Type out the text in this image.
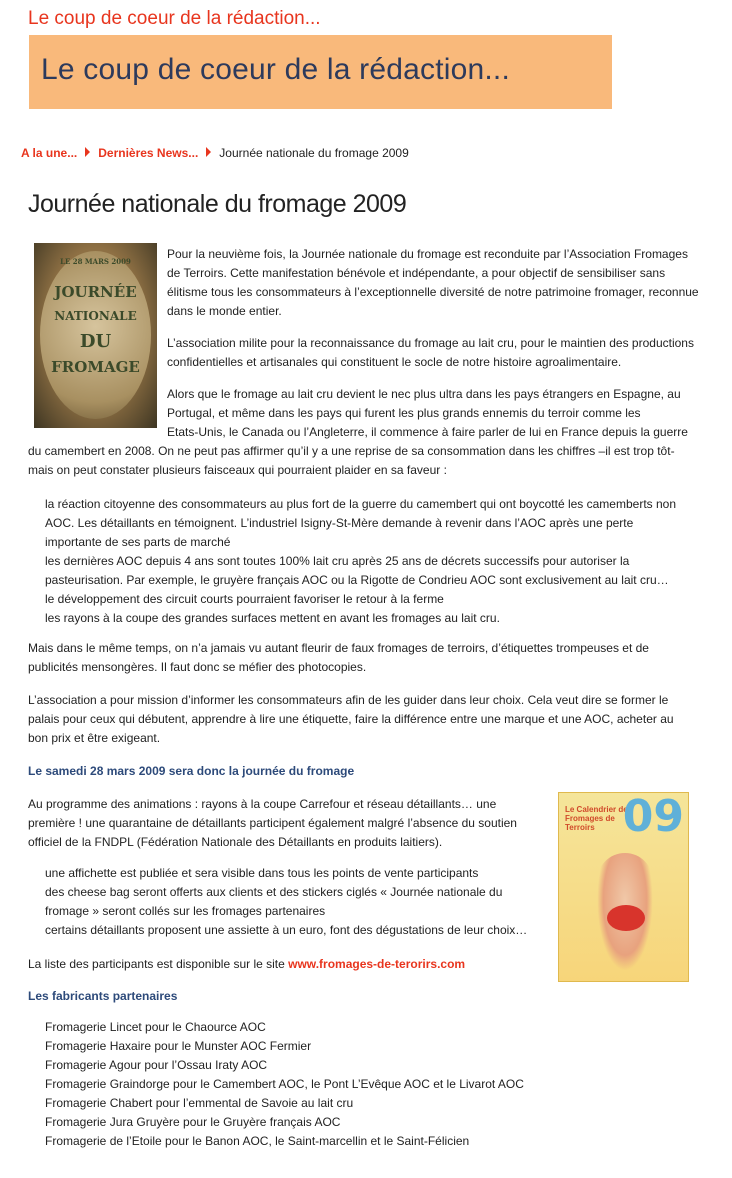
Le coup de coeur de la rédaction...
Le coup de coeur de la rédaction...
A la une... Dernières News... Journée nationale du fromage 2009
Journée nationale du fromage 2009
LE 28 MARS 2009
JOURNÉE
NATIONALE
DU
FROMAGE
Pour la neuvième fois, la Journée nationale du fromage est reconduite par l’Association Fromages
de Terroirs. Cette manifestation bénévole et indépendante, a pour objectif de sensibiliser sans
élitisme tous les consommateurs à l’exceptionnelle diversité de notre patrimoine fromager, reconnue
dans le monde entier.
L’association milite pour la reconnaissance du fromage au lait cru, pour le maintien des productions
confidentielles et artisanales qui constituent le socle de notre histoire agroalimentaire.
Alors que le fromage au lait cru devient le nec plus ultra dans les pays étrangers en Espagne, au
Portugal, et même dans les pays qui furent les plus grands ennemis du terroir comme les
Etats-Unis, le Canada ou l’Angleterre, il commence à faire parler de lui en France depuis la guerre
du camembert en 2008. On ne peut pas affirmer qu’il y a une reprise de sa consommation dans les chiffres –il est trop tôt-
mais on peut constater plusieurs faisceaux qui pourraient plaider en sa faveur :
la réaction citoyenne des consommateurs au plus fort de la guerre du camembert qui ont boycotté les camemberts non
AOC. Les détaillants en témoignent. L’industriel Isigny-St-Mère demande à revenir dans l’AOC après une perte
importante de ses parts de marché
les dernières AOC depuis 4 ans sont toutes 100% lait cru après 25 ans de décrets successifs pour autoriser la
pasteurisation. Par exemple, le gruyère français AOC ou la Rigotte de Condrieu AOC sont exclusivement au lait cru…
le développement des circuit courts pourraient favoriser le retour à la ferme
les rayons à la coupe des grandes surfaces mettent en avant les fromages au lait cru.
Mais dans le même temps, on n’a jamais vu autant fleurir de faux fromages de terroirs, d’étiquettes trompeuses et de
publicités mensongères. Il faut donc se méfier des photocopies.
L’association a pour mission d’informer les consommateurs afin de les guider dans leur choix. Cela veut dire se former le
palais pour ceux qui débutent, apprendre à lire une étiquette, faire la différence entre une marque et une AOC, acheter au
bon prix et être exigeant.
Le samedi 28 mars 2009 sera donc la journée du fromage
Au programme des animations : rayons à la coupe Carrefour et réseau détaillants… une
première ! une quarantaine de détaillants participent également malgré l’absence du soutien
officiel de la FNDPL (Fédération Nationale des Détaillants en produits laitiers).
une affichette est publiée et sera visible dans tous les points de vente participants
des cheese bag seront offerts aux clients et des stickers ciglés « Journée nationale du
fromage » seront collés sur les fromages partenaires
certains détaillants proposent une assiette à un euro, font des dégustations de leur choix…
La liste des participants est disponible sur le site www.fromages-de-terorirs.com
Le Calendrier des Fromages de Terroirs 09
Les fabricants partenaires
Fromagerie Lincet pour le Chaource AOC
Fromagerie Haxaire pour le Munster AOC Fermier
Fromagerie Agour pour l’Ossau Iraty AOC
Fromagerie Graindorge pour le Camembert AOC, le Pont L’Evêque AOC et le Livarot AOC
Fromagerie Chabert pour l’emmental de Savoie au lait cru
Fromagerie Jura Gruyère pour le Gruyère français AOC
Fromagerie de l’Etoile pour le Banon AOC, le Saint-marcellin et le Saint-Félicien
